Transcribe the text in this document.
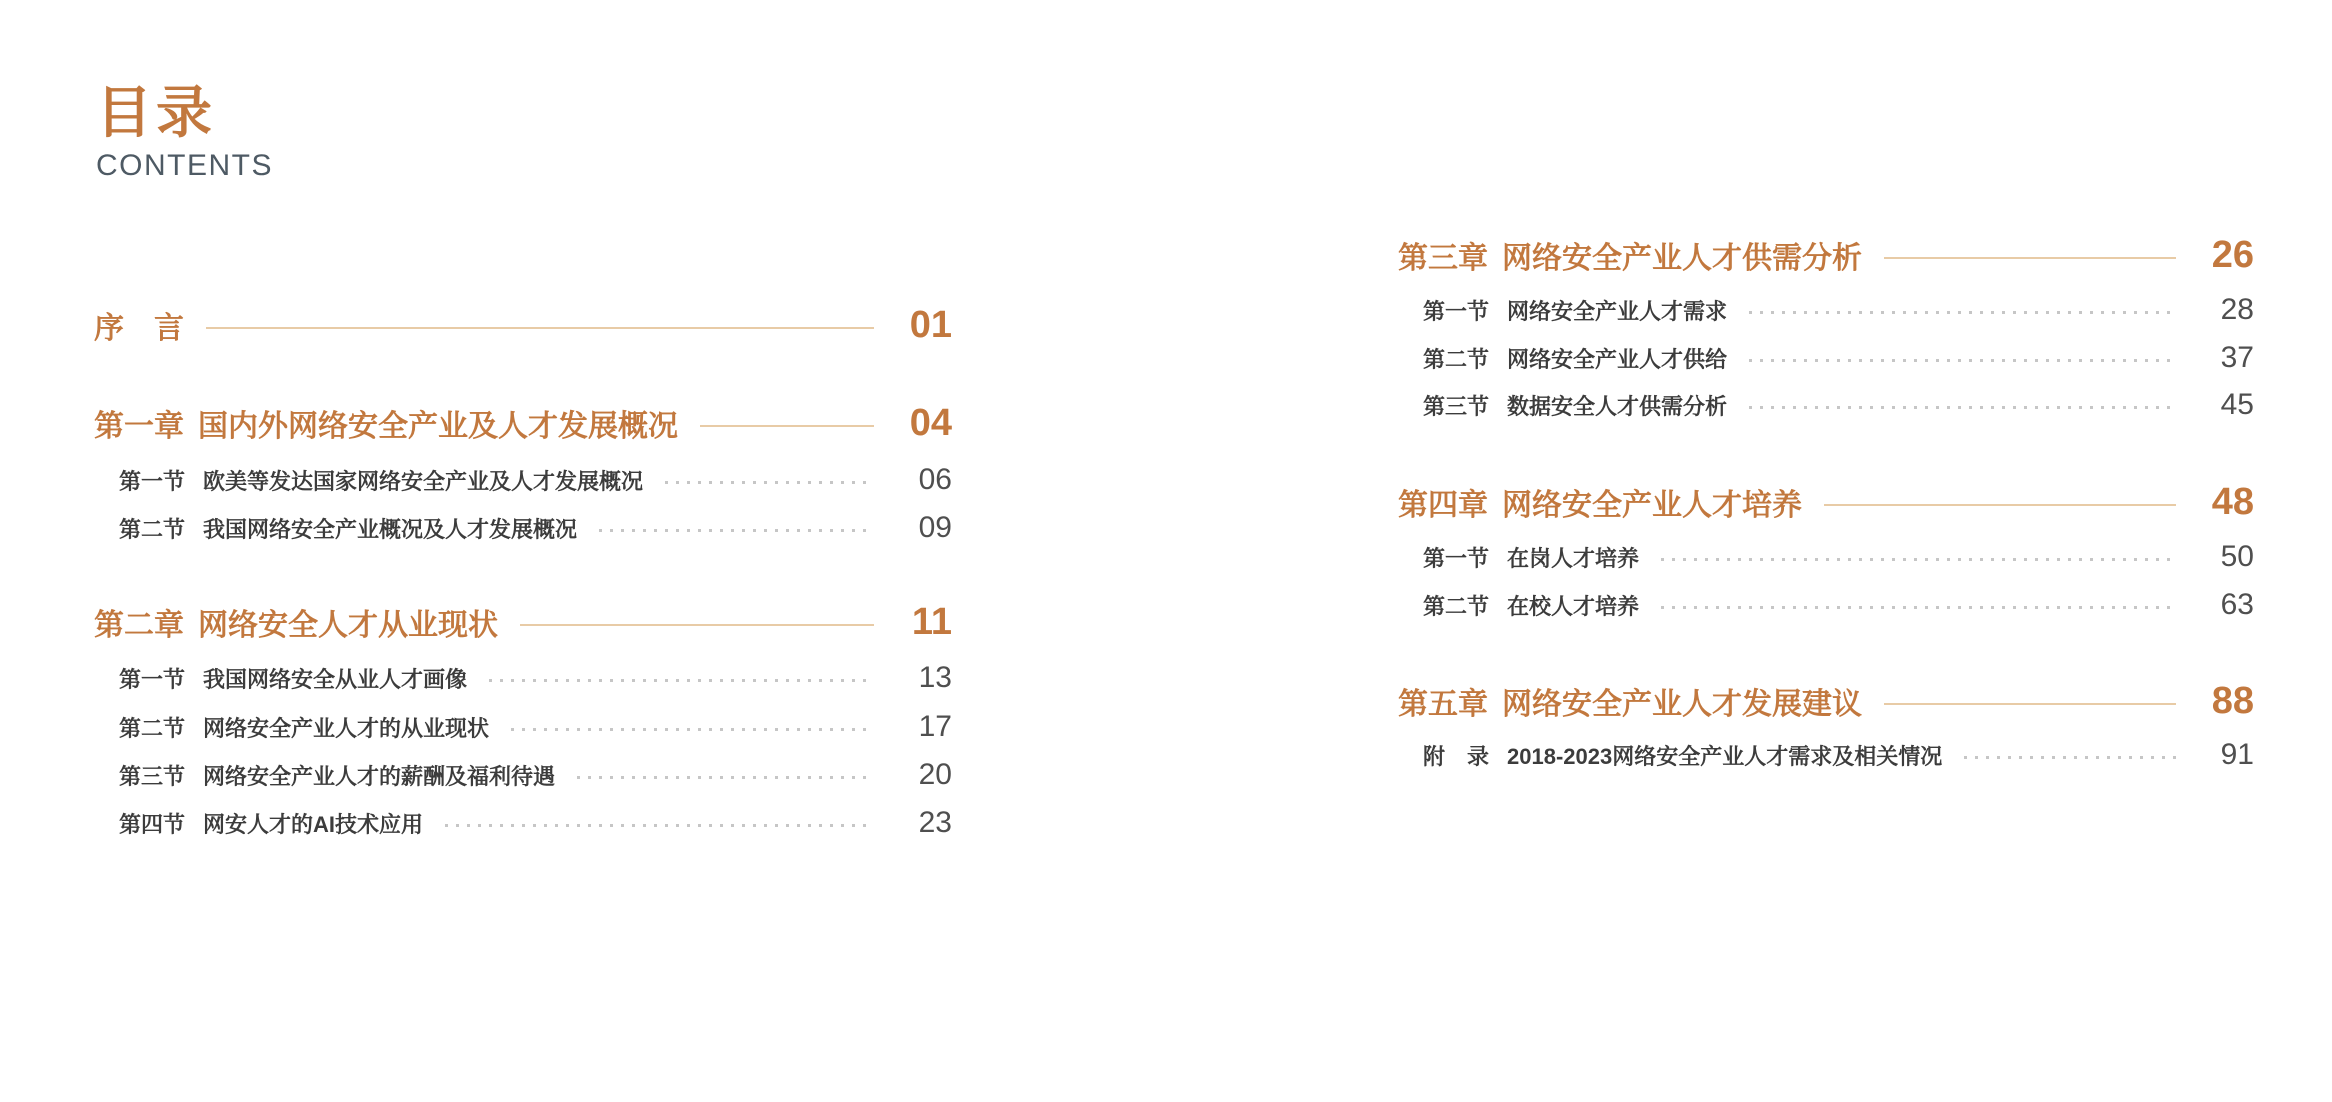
目录
CONTENTS
序　言	01
第一章 国内外网络安全产业及人才发展概况	04
第一节 欧美等发达国家网络安全产业及人才发展概况	06
第二节 我国网络安全产业概况及人才发展概况	09
第二章 网络安全人才从业现状	11
第一节 我国网络安全从业人才画像	13
第二节 网络安全产业人才的从业现状	17
第三节 网络安全产业人才的薪酬及福利待遇	20
第四节 网安人才的AI技术应用	23
第三章 网络安全产业人才供需分析	26
第一节 网络安全产业人才需求	28
第二节 网络安全产业人才供给	37
第三节 数据安全人才供需分析	45
第四章 网络安全产业人才培养	48
第一节 在岗人才培养	50
第二节 在校人才培养	63
第五章 网络安全产业人才发展建议	88
附　录 2018-2023网络安全产业人才需求及相关情况	91
